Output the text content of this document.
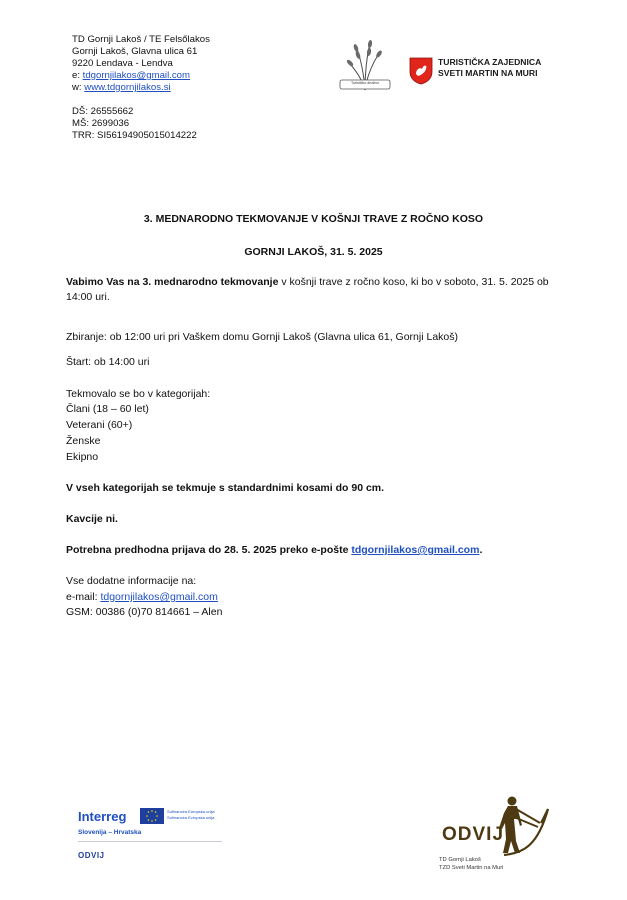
TD Gornji Lakoš / TE Felsőlakos
Gornji Lakoš, Glavna ulica 61
9220 Lendava - Lendva
e: tdgornjilakos@gmail.com
w: www.tdgornjilakos.si
DŠ: 26555662
MŠ: 2699036
TRR: SI56194905015014222
Turističko društvo
TURISTIČKA ZAJEDNICA
SVETI MARTIN NA MURI
3. MEDNARODNO TEKMOVANJE V KOŠNJI TRAVE Z ROČNO KOSO
GORNJI LAKOŠ, 31. 5. 2025
Vabimo Vas na 3. mednarodno tekmovanje v košnji trave z ročno koso, ki bo v soboto, 31. 5. 2025 ob 14:00 uri.
Zbiranje: ob 12:00 uri pri Vaškem domu Gornji Lakoš (Glavna ulica 61, Gornji Lakoš)
Štart: ob 14:00 uri
Tekmovalo se bo v kategorijah:
Člani (18 – 60 let)
Veterani (60+)
Ženske
Ekipno
V vseh kategorijah se tekmuje s standardnimi kosami do 90 cm.
Kavcije ni.
Potrebna predhodna prijava do 28. 5. 2025 preko e-pošte tdgornjilakos@gmail.com.
Vse dodatne informacije na:
e-mail: tdgornjilakos@gmail.com
GSM: 00386 (0)70 814661 – Alen
Interreg	Sufinancira Europska unija
Sofinancira Evropska unija
Slovenija – Hrvatska
ODVIJ
ODVIJ
TD Gornji Lakoš
TZD Sveti Martin na Muri
